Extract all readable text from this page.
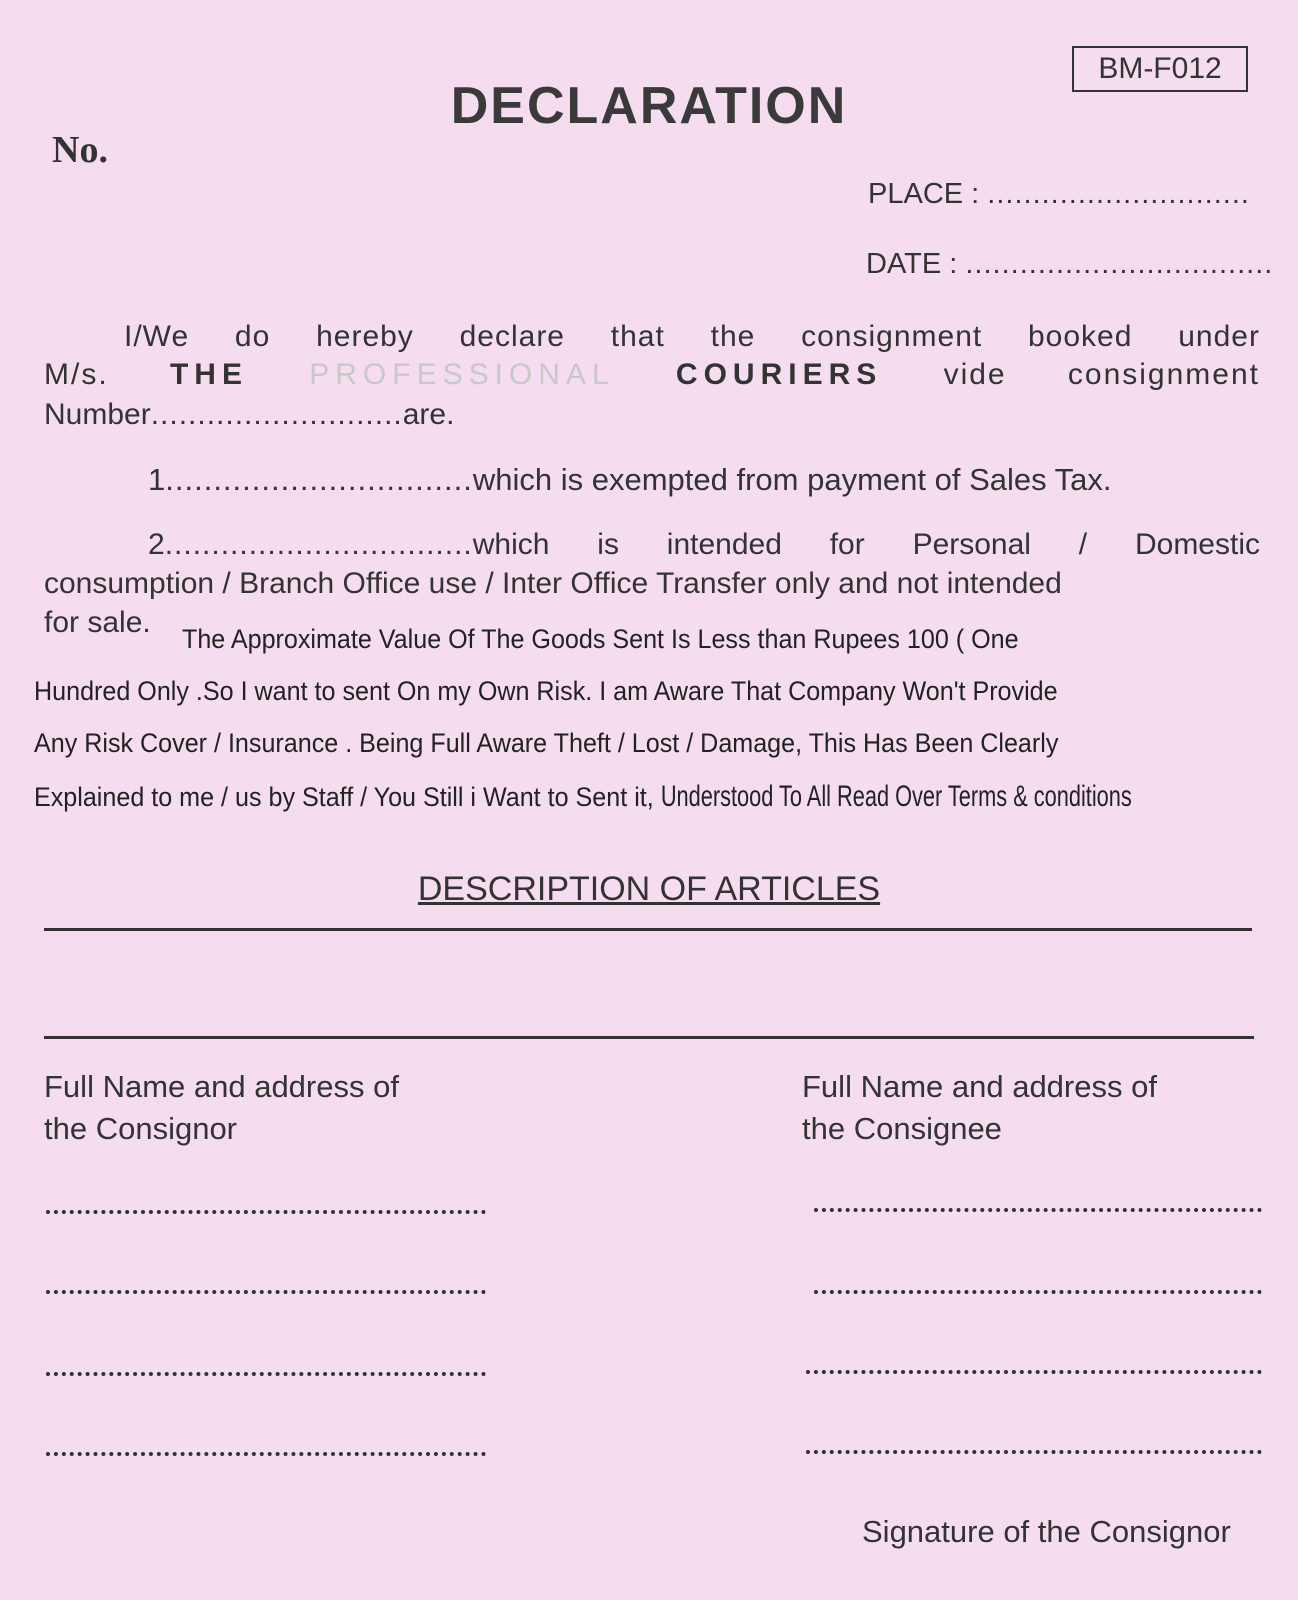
BM-F012
DECLARATION
No.
PLACE : .............................
DATE : ..................................
I/We do hereby declare that the consignment booked under
M/s. THE PROFESSIONAL COURIERS vide consignment
Number...........................are.
1................................which is exempted from payment of Sales Tax.
2.................................which is intended for Personal / Domestic
consumption / Branch Office use / Inter Office Transfer only and not intended
for sale.	The Approximate Value Of The Goods Sent Is Less than Rupees 100 ( One
Hundred Only .So I want to sent On my Own Risk. I am Aware That Company Won't Provide
Any Risk Cover / Insurance . Being Full Aware Theft / Lost / Damage, This Has Been Clearly
Explained to me / us by Staff / You Still i Want to Sent it, Understood To All Read Over Terms & conditions
DESCRIPTION OF ARTICLES
Full Name and address of
the Consignor
Full Name and address of
the Consignee
Signature of the Consignor
